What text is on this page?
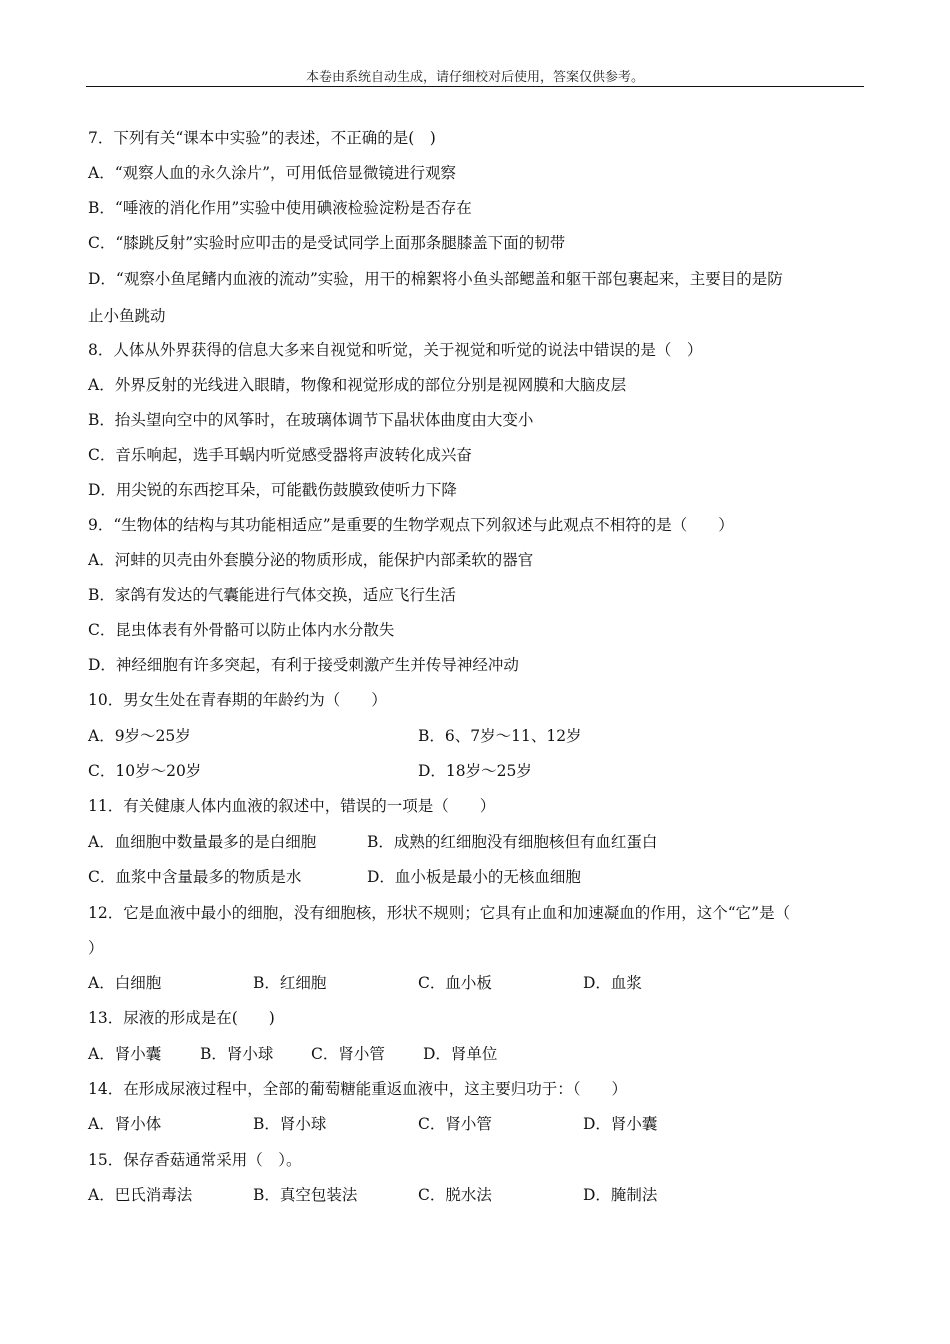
本卷由系统自动生成，请仔细校对后使用，答案仅供参考。
7．下列有关“课本中实验”的表述，不正确的是(　)
A．“观察人血的永久涂片”，可用低倍显微镜进行观察
B．“唾液的消化作用”实验中使用碘液检验淀粉是否存在
C．“膝跳反射”实验时应叩击的是受试同学上面那条腿膝盖下面的韧带
D．“观察小鱼尾鳍内血液的流动”实验，用干的棉絮将小鱼头部鳃盖和躯干部包裹起来，主要目的是防
止小鱼跳动
8．人体从外界获得的信息大多来自视觉和听觉，关于视觉和听觉的说法中错误的是（　）
A．外界反射的光线进入眼睛，物像和视觉形成的部位分别是视网膜和大脑皮层
B．抬头望向空中的风筝时，在玻璃体调节下晶状体曲度由大变小
C．音乐响起，选手耳蜗内听觉感受器将声波转化成兴奋
D．用尖锐的东西挖耳朵，可能戳伤鼓膜致使听力下降
9．“生物体的结构与其功能相适应”是重要的生物学观点下列叙述与此观点不相符的是（　　）
A．河蚌的贝壳由外套膜分泌的物质形成，能保护内部柔软的器官
B．家鸽有发达的气囊能进行气体交换，适应飞行生活
C．昆虫体表有外骨骼可以防止体内水分散失
D．神经细胞有许多突起，有利于接受刺激产生并传导神经冲动
10．男女生处在青春期的年龄约为（　　）
A．9岁～25岁	B．6、7岁～11、12岁
C．10岁～20岁	D．18岁～25岁
11．有关健康人体内血液的叙述中，错误的一项是（　　）
A．血细胞中数量最多的是白细胞	B．成熟的红细胞没有细胞核但有血红蛋白
C．血浆中含量最多的物质是水	D．血小板是最小的无核血细胞
12．它是血液中最小的细胞，没有细胞核，形状不规则；它具有止血和加速凝血的作用，这个“它”是（
）
A．白细胞	B．红细胞	C．血小板	D．血浆
13．尿液的形成是在(　　)
A．肾小囊	B．肾小球 C．肾小管 D．肾单位
14．在形成尿液过程中，全部的葡萄糖能重返血液中，这主要归功于：（　　）
A．肾小体	B．肾小球	C．肾小管	D．肾小囊
15．保存香菇通常采用（　）。
A．巴氏消毒法	B．真空包装法	C．脱水法	D．腌制法
